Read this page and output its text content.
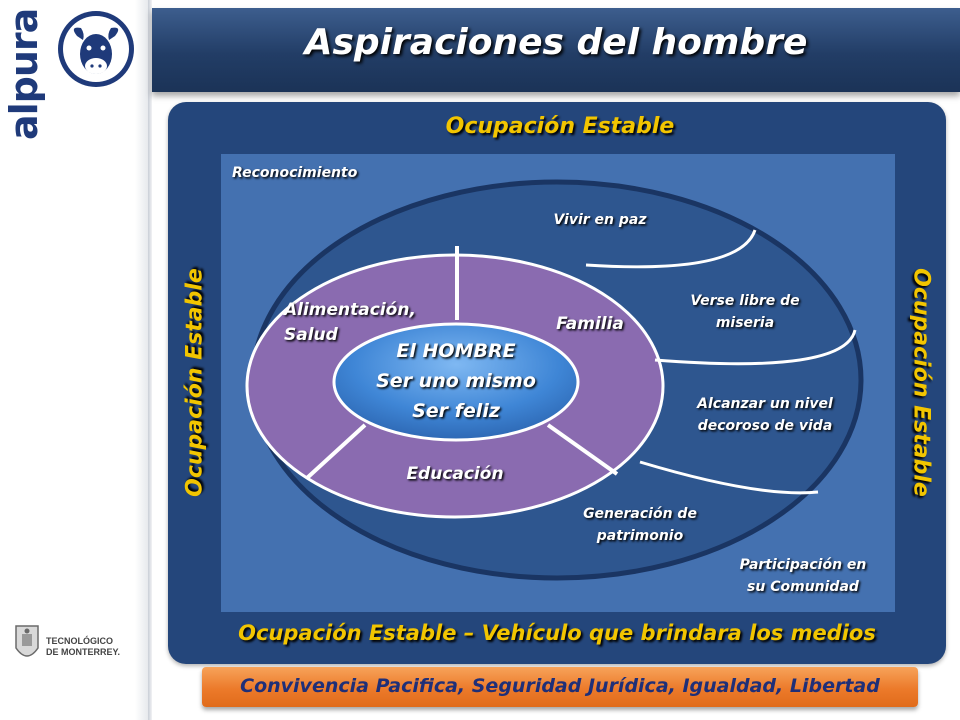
alpura
TECNOLÓGICO
DE MONTERREY.
Aspiraciones del hombre
Ocupación Estable
Ocupación Estable	Ocupación Estable
Ocupación Estable – Vehículo que brindara los medios
Reconocimiento
Vivir en paz
Verse libre de
miseria
Alcanzar un nivel
decoroso de vida
Generación de
patrimonio
Participación en
su Comunidad
Alimentación,
Salud
Familia
Educación
El HOMBRE
Ser uno mismo
Ser feliz
Convivencia Pacifica, Seguridad Jurídica, Igualdad, Libertad
